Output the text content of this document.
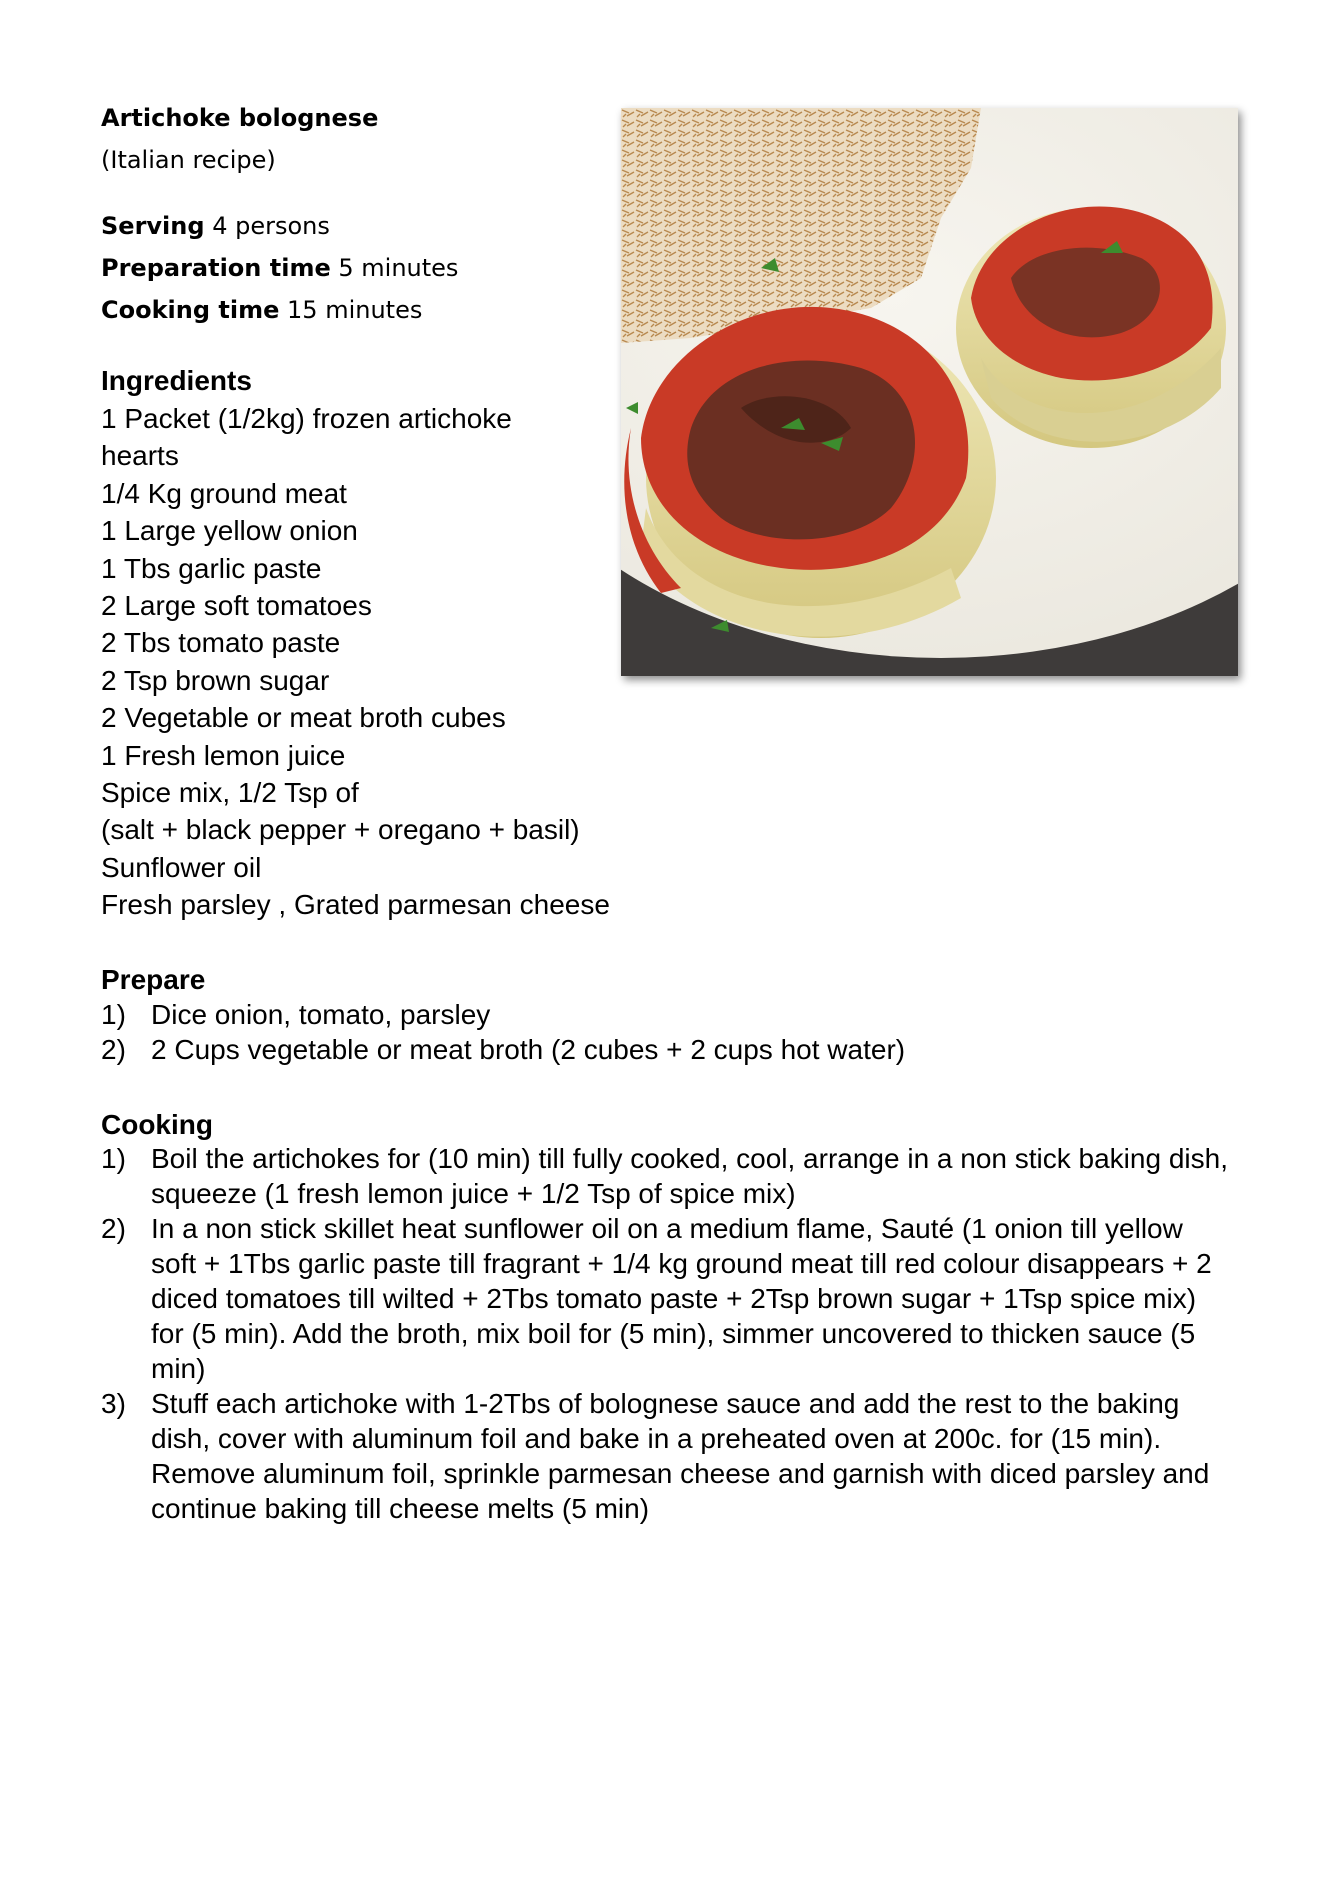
Artichoke bolognese
(Italian recipe)
Serving 4 persons
Preparation time 5 minutes
Cooking time 15 minutes
Ingredients
1 Packet (1/2kg) frozen artichoke
hearts
1/4 Kg ground meat
1 Large yellow onion
1 Tbs garlic paste
2 Large soft tomatoes
2 Tbs tomato paste
2 Tsp brown sugar
2 Vegetable or meat broth cubes
1 Fresh lemon juice
Spice mix, 1/2 Tsp of
(salt + black pepper + oregano + basil)
Sunflower oil
Fresh parsley , Grated parmesan cheese
Prepare
1) Dice onion, tomato, parsley
2) 2 Cups vegetable or meat broth (2 cubes + 2 cups hot water)
Cooking
1) Boil the artichokes for (10 min) till fully cooked, cool, arrange in a non stick baking dish, squeeze (1 fresh lemon juice + 1/2 Tsp of spice mix)
2) In a non stick skillet heat sunflower oil on a medium flame, Sauté (1 onion till yellow soft + 1Tbs garlic paste till fragrant + 1/4 kg ground meat till red colour disappears + 2 diced tomatoes till wilted + 2Tbs tomato paste + 2Tsp brown sugar + 1Tsp spice mix) for (5 min). Add the broth, mix boil for (5 min), simmer uncovered to thicken sauce (5 min)
3) Stuff each artichoke with 1-2Tbs of bolognese sauce and add the rest to the baking dish, cover with aluminum foil and bake in a preheated oven at 200c. for (15 min). Remove aluminum foil, sprinkle parmesan cheese and garnish with diced parsley and continue baking till cheese melts (5 min)
